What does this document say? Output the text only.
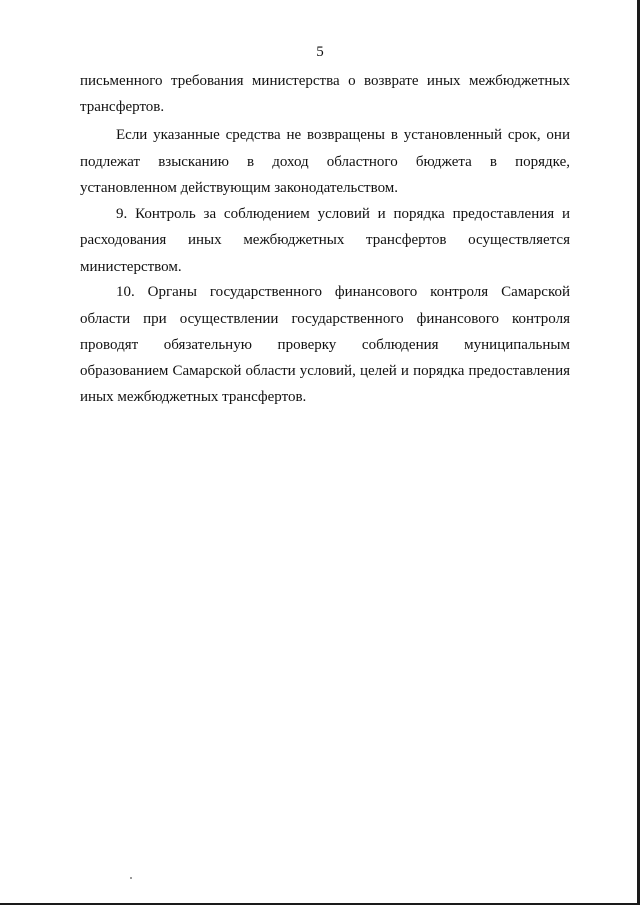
5
письменного требования министерства о возврате иных межбюджетных
трансфертов.
Если указанные средства не возвращены в установленный срок, они
подлежат взысканию в доход областного бюджета в порядке,
установленном действующим законодательством.
9. Контроль за соблюдением условий и порядка предоставления и
расходования иных межбюджетных трансфертов осуществляется
министерством.
10. Органы государственного финансового контроля Самарской
области при осуществлении государственного финансового контроля
проводят обязательную проверку соблюдения муниципальным
образованием Самарской области условий, целей и порядка предоставления
иных межбюджетных трансфертов.
